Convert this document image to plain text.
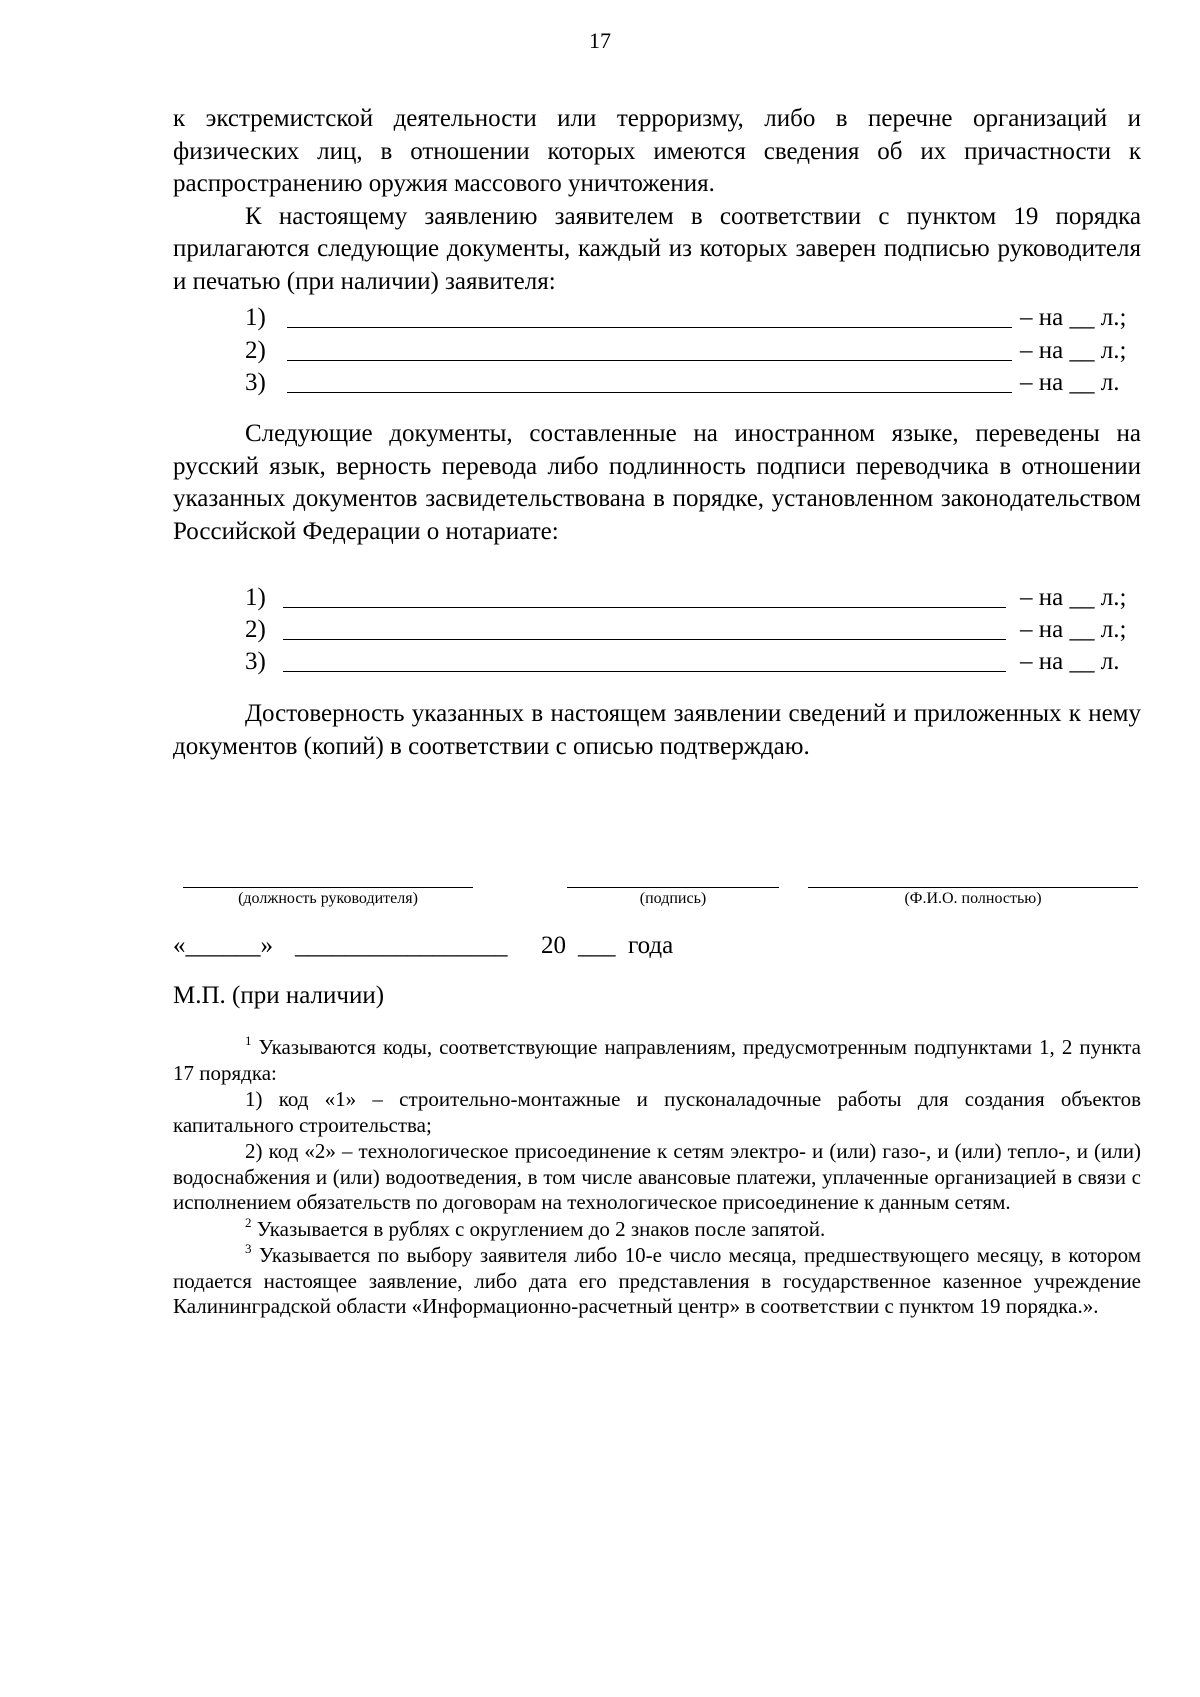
17

к экстремистской деятельности или терроризму, либо в перечне организаций и физических лиц, в отношении которых имеются сведения об их причастности к распространению оружия массового уничтожения.

К настоящему заявлению заявителем в соответствии с пунктом 19 порядка прилагаются следующие документы, каждый из которых заверен подписью руководителя и печатью (при наличии) заявителя:

1)	– на __ л.;
2)	– на __ л.;
3)	– на __ л.

Следующие документы, составленные на иностранном языке, переведены на русский язык, верность перевода либо подлинность подписи переводчика в отношении указанных документов засвидетельствована в порядке, установленном законодательством Российской Федерации о нотариате:

1)	– на __ л.;
2)	– на __ л.;
3)	– на __ л.

Достоверность указанных в настоящем заявлении сведений и приложенных к нему документов (копий) в соответствии с описью подтверждаю.

(должность руководителя)	(подпись)	(Ф.И.О. полностью)
«______» _________________ 20 ___ года
М.П. (при наличии)

$^1$ Указываются коды, соответствующие направлениям, предусмотренным подпунктами 1, 2 пункта 17 порядка:

1) код «1» – строительно-монтажные и пусконаладочные работы для создания объектов капитального строительства;

2) код «2» – технологическое присоединение к сетям электро- и (или) газо-, и (или) тепло-, и (или) водоснабжения и (или) водоотведения, в том числе авансовые платежи, уплаченные организацией в связи с исполнением обязательств по договорам на технологическое присоединение к данным сетям.

$^2$ Указывается в рублях с округлением до 2 знаков после запятой.

$^3$ Указывается по выбору заявителя либо 10-е число месяца, предшествующего месяцу, в котором подается настоящее заявление, либо дата его представления в государственное казенное учреждение Калининградской области «Информационно-расчетный центр» в соответствии с пунктом 19 порядка.».
